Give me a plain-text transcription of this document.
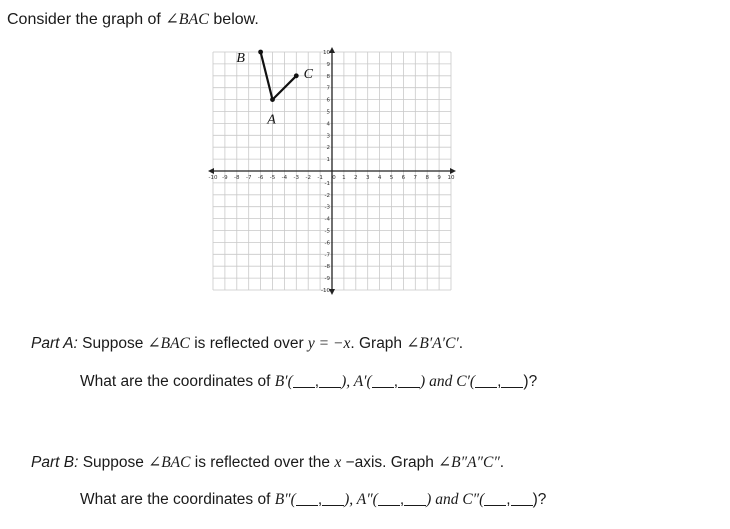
Consider the graph of ∠BAC below.
-10 -9 -8 -7 -6 -5 -4 -3 -2 -1 0 1 2 3 4 5 6 7 8 9 10
10
9
8
7
6
5
4
3
2
1
-1
-2
-3
-4
-5
-6
-7
-8
-9
-10
B
A
C
Part A: Suppose ∠BAC is reflected over y = −x. Graph ∠B′A′C′.
What are the coordinates of B′( , ), A′( , ) and C′( , )?
Part B: Suppose ∠BAC is reflected over the x −axis. Graph ∠B″A″C″.
What are the coordinates of B″( , ), A″( , ) and C″( , )?
